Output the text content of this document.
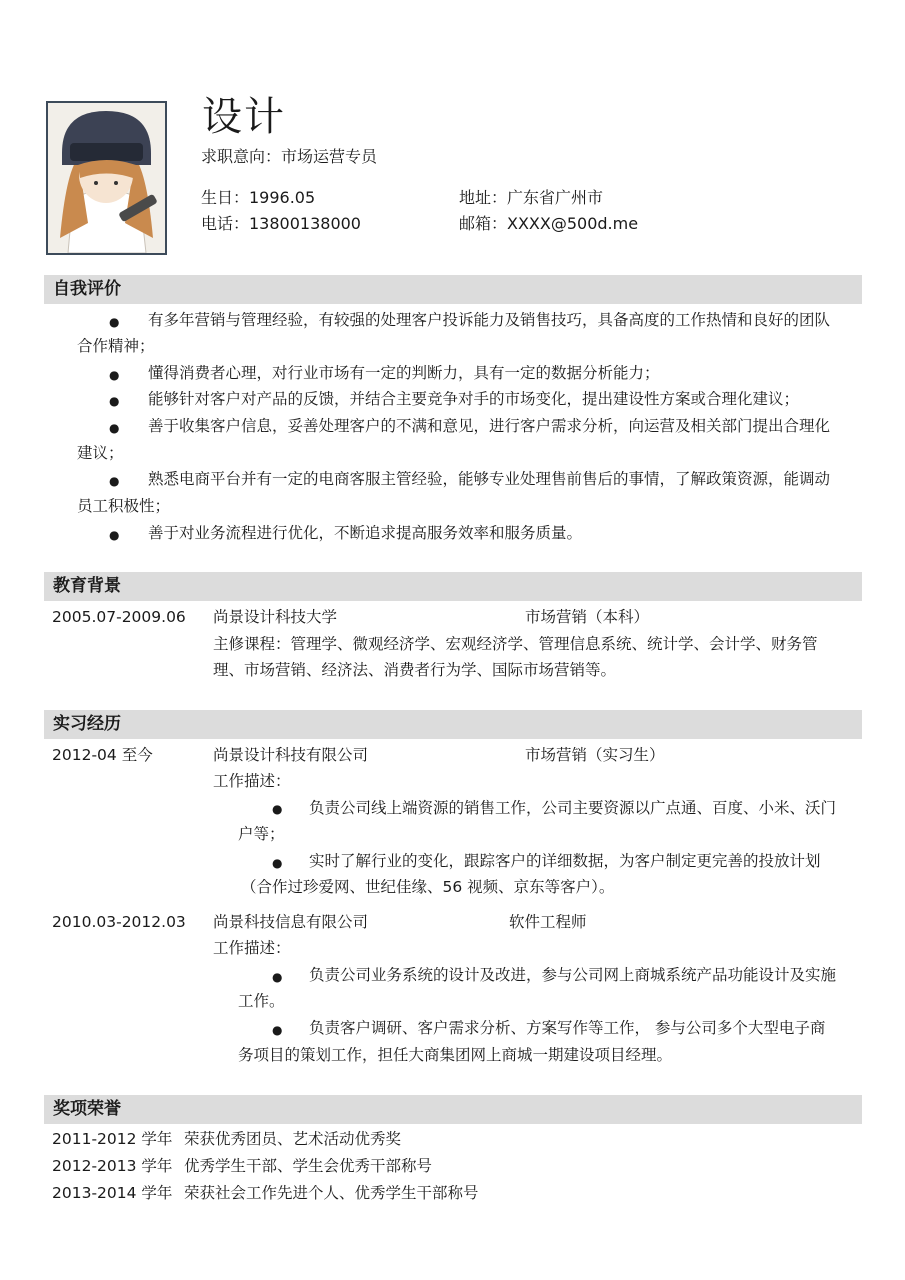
设计
求职意向：市场运营专员
生日：1996.05	地址：广东省广州市
电话：13800138000	邮箱：XXXX@500d.me
自我评价
● 有多年营销与管理经验，有较强的处理客户投诉能力及销售技巧，具备高度的工作热情和良好的团队
合作精神；
● 懂得消费者心理，对行业市场有一定的判断力，具有一定的数据分析能力；
● 能够针对客户对产品的反馈，并结合主要竞争对手的市场变化，提出建设性方案或合理化建议；
● 善于收集客户信息，妥善处理客户的不满和意见，进行客户需求分析，向运营及相关部门提出合理化
建议；
● 熟悉电商平台并有一定的电商客服主管经验，能够专业处理售前售后的事情，了解政策资源，能调动
员工积极性；
● 善于对业务流程进行优化，不断追求提高服务效率和服务质量。
教育背景
2005.07-2009.06 尚景设计科技大学	市场营销（本科）
主修课程：管理学、微观经济学、宏观经济学、管理信息系统、统计学、会计学、财务管
理、市场营销、经济法、消费者行为学、国际市场营销等。
实习经历
2012-04 至今	尚景设计科技有限公司	市场营销（实习生）
工作描述：
● 负责公司线上端资源的销售工作，公司主要资源以广点通、百度、小米、沃门
户等；
● 实时了解行业的变化，跟踪客户的详细数据，为客户制定更完善的投放计划
（合作过珍爱网、世纪佳缘、56 视频、京东等客户）。
2010.03-2012.03 尚景科技信息有限公司	软件工程师
工作描述：
● 负责公司业务系统的设计及改进，参与公司网上商城系统产品功能设计及实施
工作。
● 负责客户调研、客户需求分析、方案写作等工作， 参与公司多个大型电子商
务项目的策划工作，担任大商集团网上商城一期建设项目经理。
奖项荣誉
2011-2012 学年 荣获优秀团员、艺术活动优秀奖
2012-2013 学年 优秀学生干部、学生会优秀干部称号
2013-2014 学年 荣获社会工作先进个人、优秀学生干部称号
